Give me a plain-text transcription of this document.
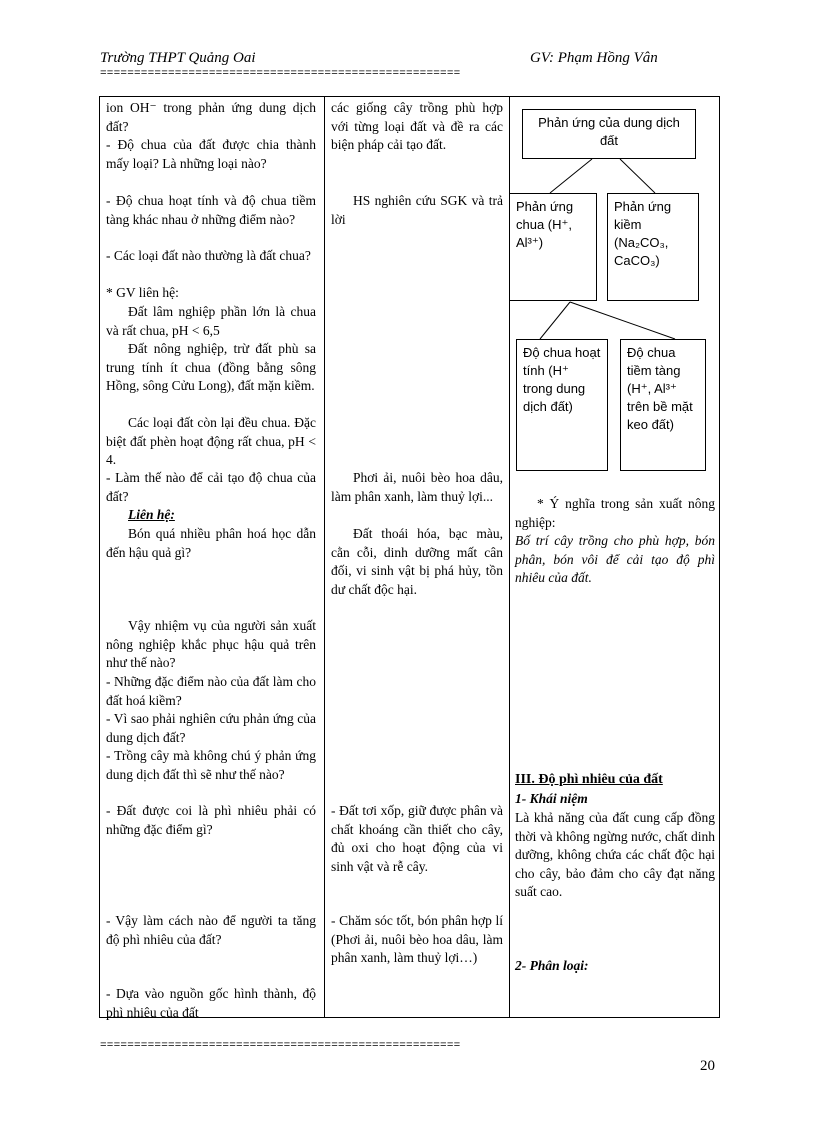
Trường THPT Quảng Oai	GV: Phạm Hồng Vân
=====================================================
ion OH⁻ trong phản ứng dung dịch đất?
- Độ chua của đất được chia thành mấy loại? Là những loại nào?
- Độ chua hoạt tính và độ chua tiềm tàng khác nhau ở những điểm nào?
- Các loại đất nào thường là đất chua?
* GV liên hệ:
Đất lâm nghiệp phần lớn là chua và rất chua, pH < 6,5
Đất nông nghiệp, trừ đất phù sa trung tính ít chua (đồng bằng sông Hồng, sông Cửu Long), đất mặn kiềm.
Các loại đất còn lại đều chua. Đặc biệt đất phèn hoạt động rất chua, pH < 4.
- Làm thế nào để cải tạo độ chua của đất?
Liên hệ:
Bón quá nhiều phân hoá học dẫn đến hậu quả gì?
Vậy nhiệm vụ của người sản xuất nông nghiệp khắc phục hậu quả trên như thế nào?
- Những đặc điểm nào của đất làm cho đất hoá kiềm?
- Vì sao phải nghiên cứu phản ứng của dung dịch đất?
- Trồng cây mà không chú ý phản ứng dung dịch đất thì sẽ như thế nào?
- Đất được coi là phì nhiêu phải có những đặc điểm gì?
- Vậy làm cách nào để người ta tăng độ phì nhiêu của đất?
- Dựa vào nguồn gốc hình thành, độ phì nhiêu của đất
các giống cây trồng phù hợp với từng loại đất và đề ra các biện pháp cải tạo đất.
HS nghiên cứu SGK và trả lời
Phơi ải, nuôi bèo hoa dâu, làm phân xanh, làm thuỷ lợi...
Đất thoái hóa, bạc màu, cằn cỗi, dinh dưỡng mất cân đối, vi sinh vật bị phá hủy, tồn dư chất độc hại.
- Đất tơi xốp, giữ được phân và chất khoáng cần thiết cho cây, đủ oxi cho hoạt động của vi sinh vật và rễ cây.
- Chăm sóc tốt, bón phân hợp lí (Phơi ải, nuôi bèo hoa dâu, làm phân xanh, làm thuỷ lợi…)
Phản ứng của dung dịch đất
Phản ứng chua (H⁺, Al³⁺)
Phản ứng kiềm (Na₂CO₃, CaCO₃)
Độ chua hoạt tính (H⁺ trong dung dịch đất)
Độ chua tiềm tàng (H⁺, Al³⁺ trên bề mặt keo đất)
* Ý nghĩa trong sản xuất nông nghiệp:
Bố trí cây trồng cho phù hợp, bón phân, bón vôi để cải tạo độ phì nhiêu của đất.
III. Độ phì nhiêu của đất
1- Khái niệm
Là khả năng của đất cung cấp đồng thời và không ngừng nước, chất dinh dưỡng, không chứa các chất độc hại cho cây, bảo đảm cho cây đạt năng suất cao.
2- Phân loại:
=====================================================
20
